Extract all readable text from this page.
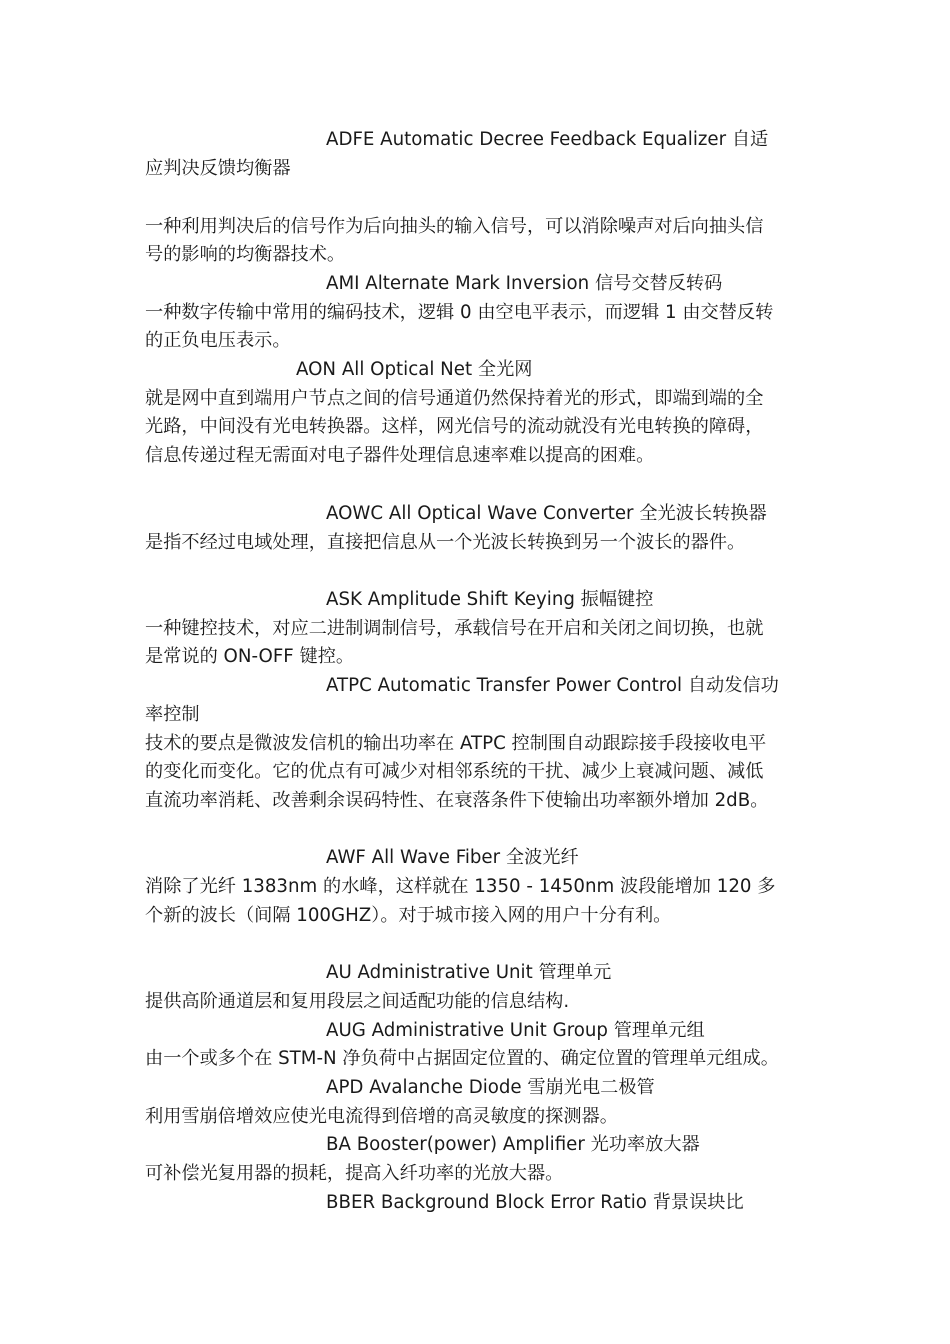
ADFE Automatic Decree Feedback Equalizer 自适
应判决反馈均衡器
一种利用判决后的信号作为后向抽头的输入信号，可以消除噪声对后向抽头信
号的影响的均衡器技术。
AMI Alternate Mark Inversion 信号交替反转码
一种数字传输中常用的编码技术，逻辑 0 由空电平表示，而逻辑 1 由交替反转
的正负电压表示。
AON All Optical Net 全光网
就是网中直到端用户节点之间的信号通道仍然保持着光的形式，即端到端的全
光路，中间没有光电转换器。这样，网光信号的流动就没有光电转换的障碍，
信息传递过程无需面对电子器件处理信息速率难以提高的困难。
AOWC All Optical Wave Converter 全光波长转换器
是指不经过电域处理，直接把信息从一个光波长转换到另一个波长的器件。
ASK Amplitude Shift Keying 振幅键控
一种键控技术，对应二进制调制信号，承载信号在开启和关闭之间切换，也就
是常说的 ON-OFF 键控。
ATPC Automatic Transfer Power Control 自动发信功
率控制
技术的要点是微波发信机的输出功率在 ATPC 控制围自动跟踪接手段接收电平
的变化而变化。它的优点有可减少对相邻系统的干扰、减少上衰减问题、减低
直流功率消耗、改善剩余误码特性、在衰落条件下使输出功率额外增加 2dB。
AWF All Wave Fiber 全波光纤
消除了光纤 1383nm 的水峰，这样就在 1350 - 1450nm 波段能增加 120 多
个新的波长（间隔 100GHZ）。对于城市接入网的用户十分有利。
AU Administrative Unit 管理单元
提供高阶通道层和复用段层之间适配功能的信息结构.
AUG Administrative Unit Group 管理单元组
由一个或多个在 STM-N 净负荷中占据固定位置的、确定位置的管理单元组成。
APD Avalanche Diode 雪崩光电二极管
利用雪崩倍增效应使光电流得到倍增的高灵敏度的探测器。
BA Booster(power) Amplifier 光功率放大器
可补偿光复用器的损耗，提高入纤功率的光放大器。
BBER Background Block Error Ratio 背景误块比
